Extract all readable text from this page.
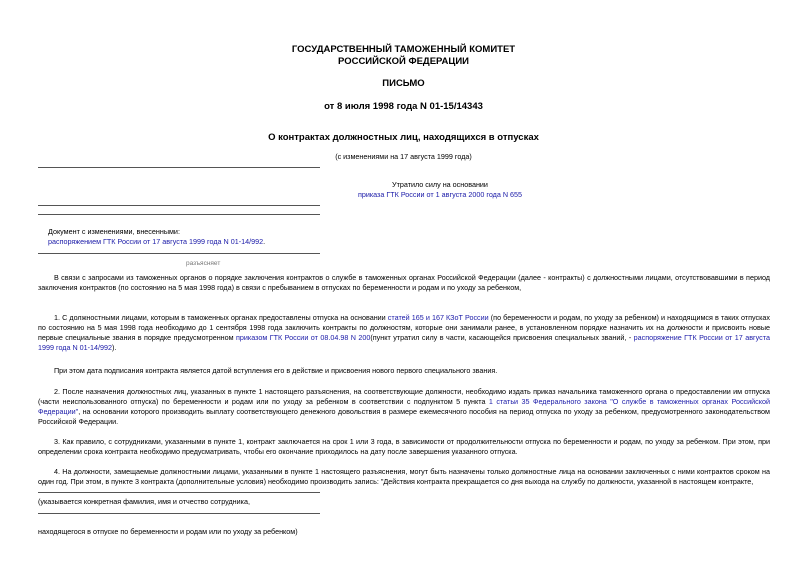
ГОСУДАРСТВЕННЫЙ ТАМОЖЕННЫЙ КОМИТЕТ
РОССИЙСКОЙ ФЕДЕРАЦИИ
ПИСЬМО
от 8 июля 1998 года N 01-15/14343
О контрактах должностных лиц, находящихся в отпусках
(с изменениями на 17 августа 1999 года)
Утратило силу на основании
приказа ГТК России от 1 августа 2000 года N 655
Документ с изменениями, внесенными:
распоряжением ГТК России от 17 августа 1999 года N 01-14/992.
разъясняет
В связи с запросами из таможенных органов о порядке заключения контрактов о службе в таможенных органах Российской Федерации (далее - контракты) с должностными лицами, отсутствовавшими в период заключения контрактов (по состоянию на 5 мая 1998 года) в связи с пребыванием в отпусках по беременности и родам и по уходу за ребенком,
1. С должностными лицами, которым в таможенных органах предоставлены отпуска на основании статей 165 и 167 КЗоТ России (по беременности и родам, по уходу за ребенком) и находящимся в таких отпусках по состоянию на 5 мая 1998 года необходимо до 1 сентября 1998 года заключить контракты по должностям, которые они занимали ранее, в установленном порядке назначить их на должности и присвоить новые первые специальные звания в порядке предусмотренном приказом ГТК России от 08.04.98 N 200(пункт утратил силу в части, касающейся присвоения специальных званий, - распоряжение ГТК России от 17 августа 1999 года N 01-14/992).
При этом дата подписания контракта является датой вступления его в действие и присвоения нового первого специального звания.
2. После назначения должностных лиц, указанных в пункте 1 настоящего разъяснения, на соответствующие должности, необходимо издать приказ начальника таможенного органа о предоставлении им отпуска (части неиспользованного отпуска) по беременности и родам или по уходу за ребенком в соответствии с подпунктом 5 пункта 1 статьи 35 Федерального закона "О службе в таможенных органах Российской Федерации", на основании которого производить выплату соответствующего денежного довольствия в размере ежемесячного пособия на период отпуска по уходу за ребенком, предусмотренного законодательством Российской Федерации.
3. Как правило, с сотрудниками, указанными в пункте 1, контракт заключается на срок 1 или 3 года, в зависимости от продолжительности отпуска по беременности и родам, по уходу за ребенком. При этом, при определении срока контракта необходимо предусматривать, чтобы его окончание приходилось на дату после завершения указанного отпуска.
4. На должности, замещаемые должностными лицами, указанными в пункте 1 настоящего разъяснения, могут быть назначены только должностные лица на основании заключенных с ними контрактов сроком на один год. При этом, в пункте 3 контракта (дополнительные условия) необходимо производить запись: "Действия контракта прекращается со дня выхода на службу по должности, указанной в настоящем контракте,
(указывается конкретная фамилия, имя и отчество сотрудника,
находящегося в отпуске по беременности и родам или по уходу за ребенком)
